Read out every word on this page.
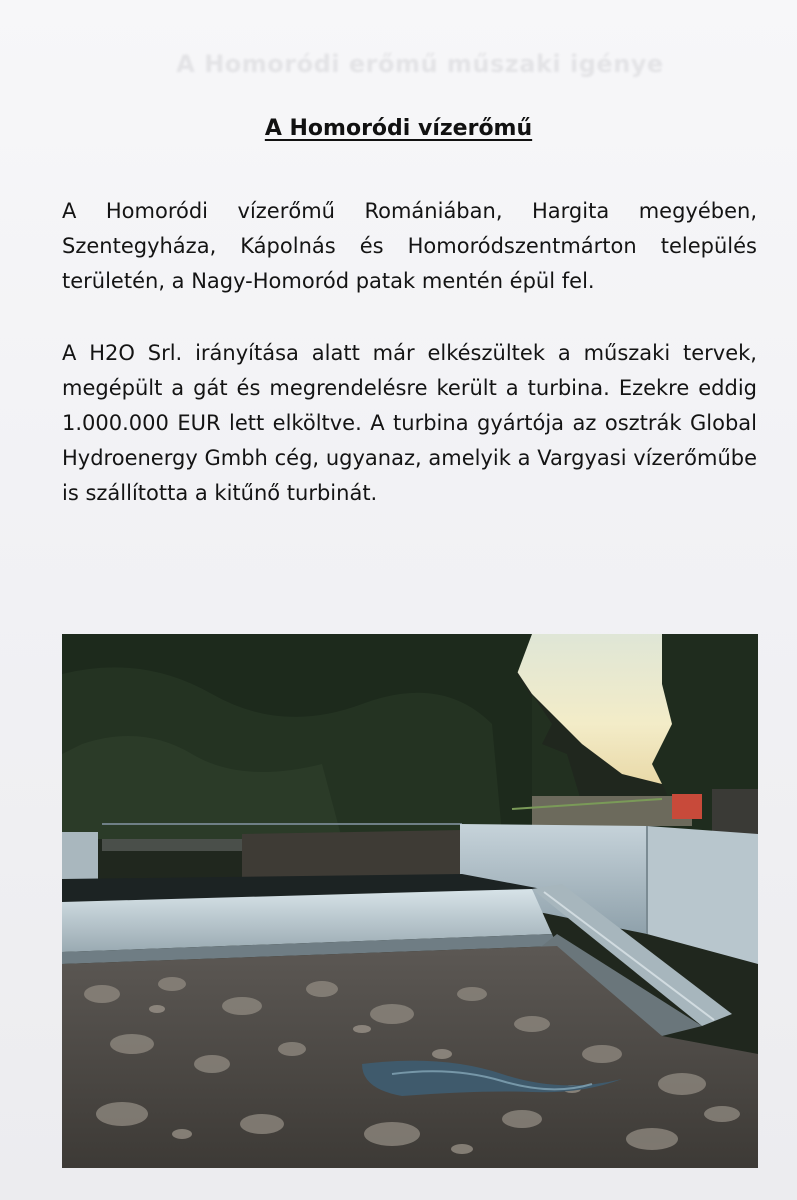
A Homoródi erőmű műszaki igénye
A Homoródi vízerőmű

A Homoródi vízerőmű Romániában, Hargita megyében, Szentegyháza, Kápolnás és Homoródszentmárton település területén, a Nagy-Homoród patak mentén épül fel.

A H2O Srl. irányítása alatt már elkészültek a műszaki tervek, megépült a gát és megrendelésre került a turbina. Ezekre eddig 1.000.000 EUR lett elköltve. A turbina gyártója az osztrák Global Hydroenergy Gmbh cég, ugyanaz, amelyik a Vargyasi vízerőműbe is szállította a kitűnő turbinát.
